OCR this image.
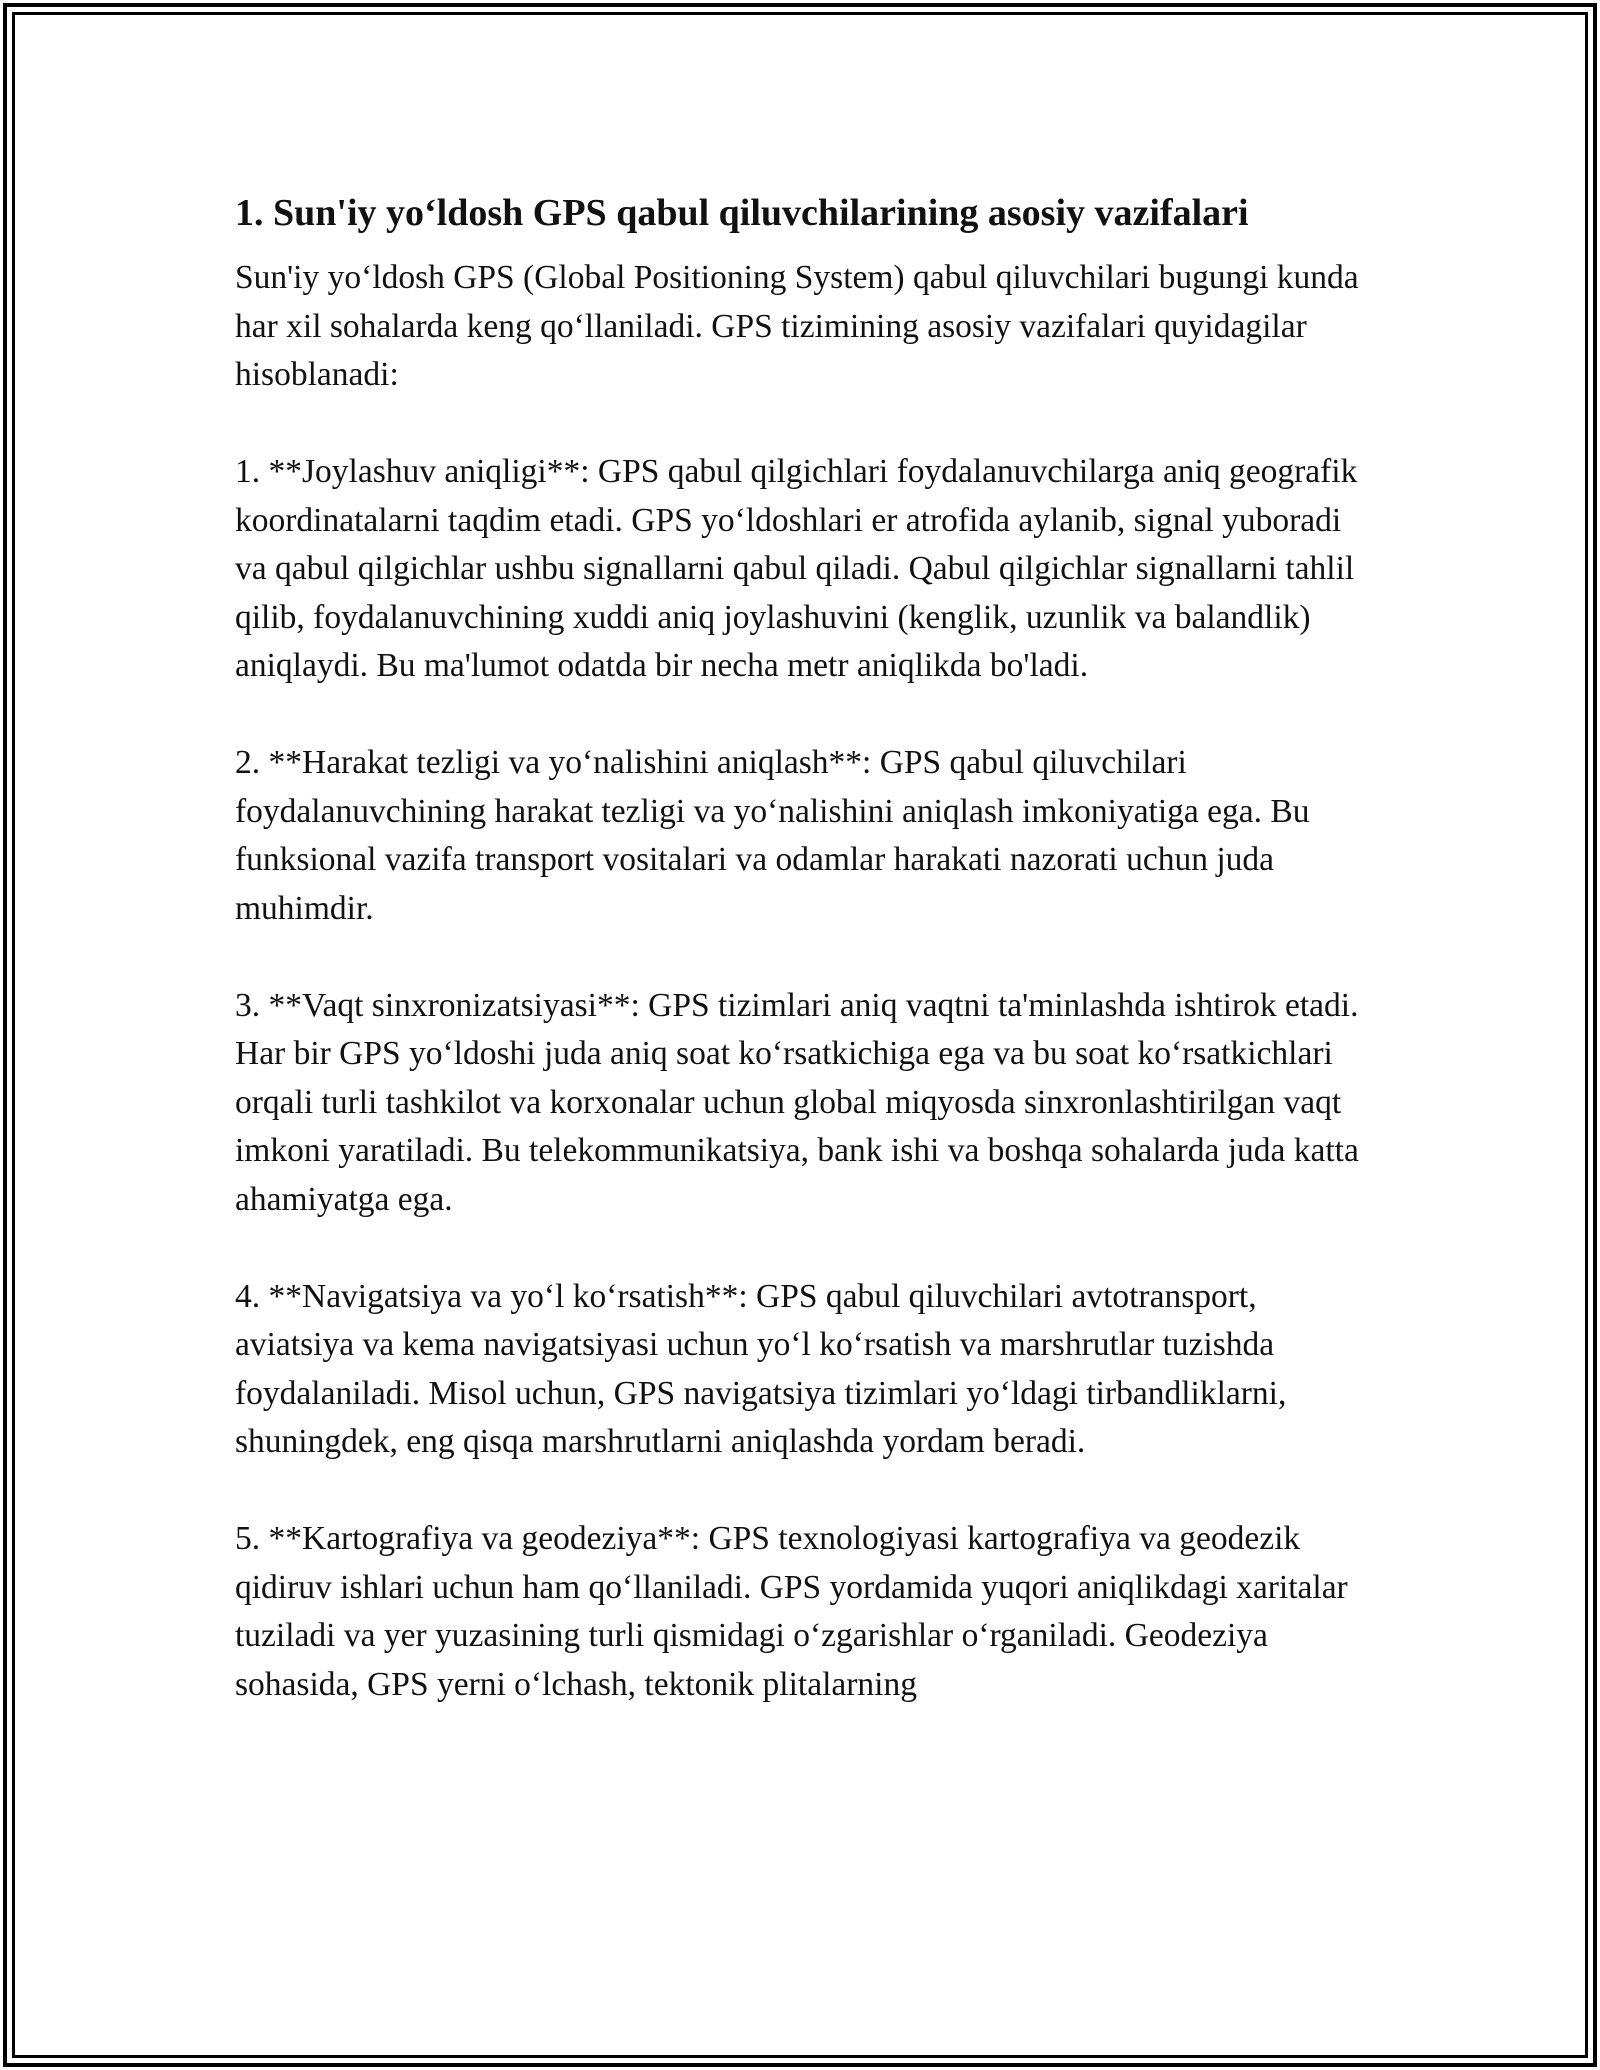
1. Sun'iy yo‘ldosh GPS qabul qiluvchilarining asosiy vazifalari

Sun'iy yo‘ldosh GPS (Global Positioning System) qabul qiluvchilari bugungi kunda har xil sohalarda keng qo‘llaniladi. GPS tizimining asosiy vazifalari quyidagilar hisoblanadi:

1. **Joylashuv aniqligi**: GPS qabul qilgichlari foydalanuvchilarga aniq geografik koordinatalarni taqdim etadi. GPS yo‘ldoshlari er atrofida aylanib, signal yuboradi va qabul qilgichlar ushbu signallarni qabul qiladi. Qabul qilgichlar signallarni tahlil qilib, foydalanuvchining xuddi aniq joylashuvini (kenglik, uzunlik va balandlik) aniqlaydi. Bu ma'lumot odatda bir necha metr aniqlikda bo'ladi.

2. **Harakat tezligi va yo‘nalishini aniqlash**: GPS qabul qiluvchilari foydalanuvchining harakat tezligi va yo‘nalishini aniqlash imkoniyatiga ega. Bu funksional vazifa transport vositalari va odamlar harakati nazorati uchun juda muhimdir.

3. **Vaqt sinxronizatsiyasi**: GPS tizimlari aniq vaqtni ta'minlashda ishtirok etadi. Har bir GPS yo‘ldoshi juda aniq soat ko‘rsatkichiga ega va bu soat ko‘rsatkichlari orqali turli tashkilot va korxonalar uchun global miqyosda sinxronlashtirilgan vaqt imkoni yaratiladi. Bu telekommunikatsiya, bank ishi va boshqa sohalarda juda katta ahamiyatga ega.

4. **Navigatsiya va yo‘l ko‘rsatish**: GPS qabul qiluvchilari avtotransport, aviatsiya va kema navigatsiyasi uchun yo‘l ko‘rsatish va marshrutlar tuzishda foydalaniladi. Misol uchun, GPS navigatsiya tizimlari yo‘ldagi tirbandliklarni, shuningdek, eng qisqa marshrutlarni aniqlashda yordam beradi.

5. **Kartografiya va geodeziya**: GPS texnologiyasi kartografiya va geodezik qidiruv ishlari uchun ham qo‘llaniladi. GPS yordamida yuqori aniqlikdagi xaritalar tuziladi va yer yuzasining turli qismidagi o‘zgarishlar o‘rganiladi. Geodeziya sohasida, GPS yerni o‘lchash, tektonik plitalarning
